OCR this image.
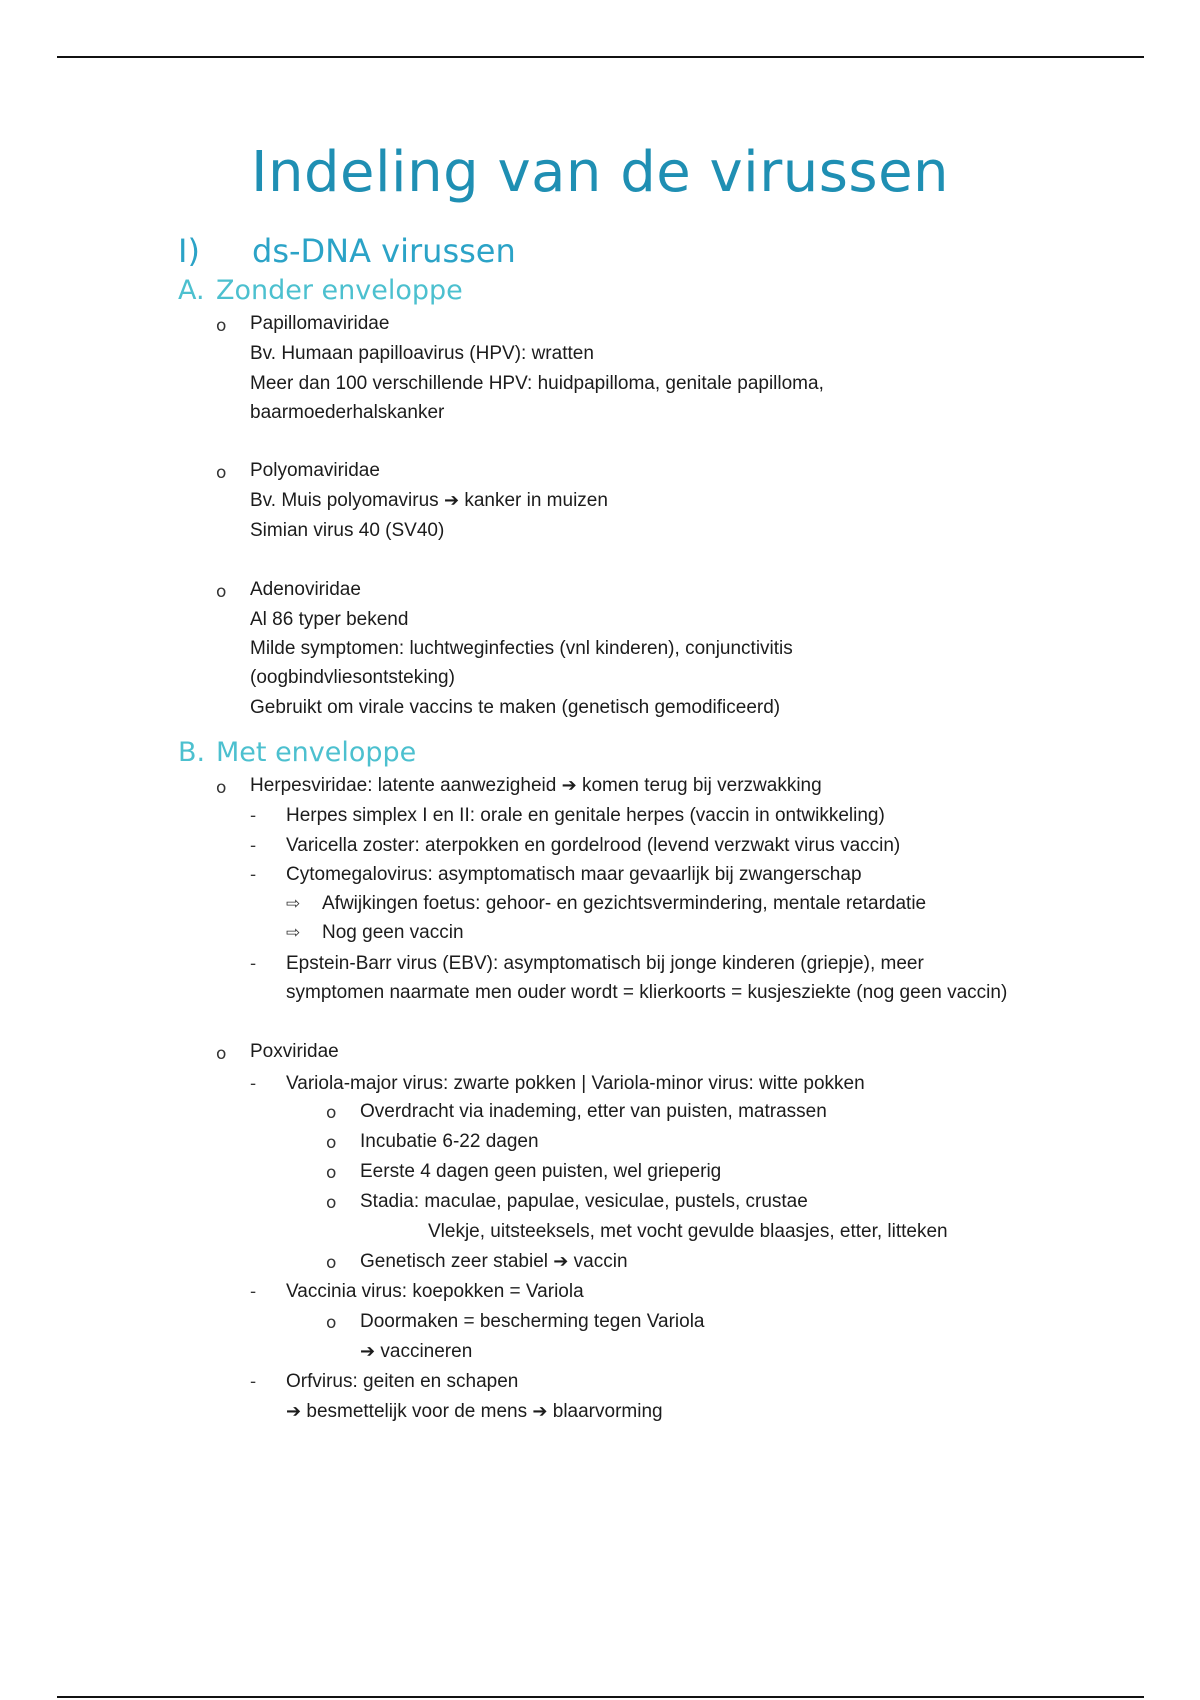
Indeling van de virussen
I) ds-DNA virussen
A. Zonder enveloppe
o Papillomaviridae
Bv. Humaan papilloavirus (HPV): wratten
Meer dan 100 verschillende HPV: huidpapilloma, genitale papilloma,
baarmoederhalskanker
o Polyomaviridae
Bv. Muis polyomavirus ➔ kanker in muizen
Simian virus 40 (SV40)
o Adenoviridae
Al 86 typer bekend
Milde symptomen: luchtweginfecties (vnl kinderen), conjunctivitis
(oogbindvliesontsteking)
Gebruikt om virale vaccins te maken (genetisch gemodificeerd)
B. Met enveloppe
o Herpesviridae: latente aanwezigheid ➔ komen terug bij verzwakking
- Herpes simplex I en II: orale en genitale herpes (vaccin in ontwikkeling)
- Varicella zoster: aterpokken en gordelrood (levend verzwakt virus vaccin)
- Cytomegalovirus: asymptomatisch maar gevaarlijk bij zwangerschap
⇨ Afwijkingen foetus: gehoor- en gezichtsvermindering, mentale retardatie
⇨ Nog geen vaccin
- Epstein-Barr virus (EBV): asymptomatisch bij jonge kinderen (griepje), meer
symptomen naarmate men ouder wordt = klierkoorts = kusjesziekte (nog geen vaccin)
o Poxviridae
- Variola-major virus: zwarte pokken | Variola-minor virus: witte pokken
o Overdracht via inademing, etter van puisten, matrassen
o Incubatie 6-22 dagen
o Eerste 4 dagen geen puisten, wel grieperig
o Stadia: maculae, papulae, vesiculae, pustels, crustae
Vlekje, uitsteeksels, met vocht gevulde blaasjes, etter, litteken
o Genetisch zeer stabiel ➔ vaccin
- Vaccinia virus: koepokken = Variola
o Doormaken = bescherming tegen Variola
➔ vaccineren
- Orfvirus: geiten en schapen
➔ besmettelijk voor de mens ➔ blaarvorming
